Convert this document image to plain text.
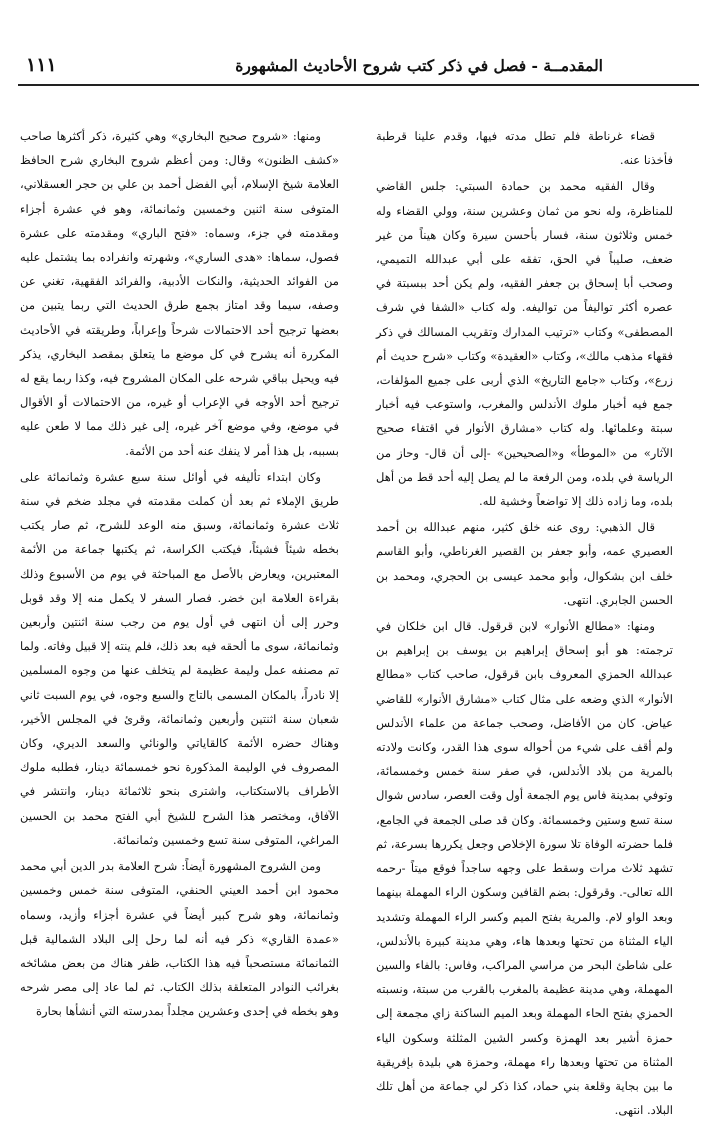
المقدمــة - فصل في ذكر كتب شروح الأحاديث المشهورة
١١١

قضاء غرناطة فلم تطل مدته فيها، وقدم علينا قرطبة فأخذنا عنه.

وقال الفقيه محمد بن حمادة السبتي: جلس القاضي للمناظرة، وله نحو من ثمان وعشرين سنة، وولي القضاء وله خمس وثلاثون سنة، فسار بأحسن سيرة وكان هيناً من غير ضعف، صليباً في الحق، تفقه على أبي عبدالله التميمي، وصحب أبا إسحاق بن جعفر الفقيه، ولم يكن أحد ببسبتة في عصره أكثر تواليفاً من تواليفه. وله كتاب «الشفا في شرف المصطفى» وكتاب «ترتيب المدارك وتقريب المسالك في ذكر فقهاء مذهب مالك»، وكتاب «العقيدة» وكتاب «شرح حديث أم زرع»، وكتاب «جامع التاريخ» الذي أربى على جميع المؤلفات، جمع فيه أخبار ملوك الأندلس والمغرب، واستوعب فيه أخبار سبتة وعلمائها. وله كتاب «مشارق الأنوار في اقتفاء صحيح الآثار» من «الموطأ» و«الصحيحين» -إلى أن قال- وحاز من الرياسة في بلده، ومن الرفعة ما لم يصل إليه أحد قط من أهل بلده، وما زاده ذلك إلا تواضعاً وخشية لله.

قال الذهبي: روى عنه خلق كثير، منهم عبدالله بن أحمد العصيري عمه، وأبو جعفر بن القصير الغرناطي، وأبو القاسم خلف ابن بشكوال، وأبو محمد عيسى بن الحجري، ومحمد بن الحسن الجابري. انتهى.

ومنها: «مطالع الأنوار» لابن قرقول. قال ابن خلكان في ترجمته: هو أبو إسحاق إبراهيم بن يوسف بن إبراهيم بن عبدالله الحمزي المعروف بابن قرقول، صاحب كتاب «مطالع الأنوار» الذي وضعه على مثال كتاب «مشارق الأنوار» للقاضي عياض. كان من الأفاضل، وصحب جماعة من علماء الأندلس ولم أقف على شيء من أحواله سوى هذا القدر، وكانت ولادته بالمرية من بلاد الأندلس، في صفر سنة خمس وخمسمائة، وتوفي بمدينة فاس يوم الجمعة أول وقت العصر، سادس شوال سنة تسع وستين وخمسمائة. وكان قد صلى الجمعة في الجامع، فلما حضرته الوفاة تلا سورة الإخلاص وجعل يكررها بسرعة، ثم تشهد ثلاث مرات وسقط على وجهه ساجداً فوقع ميتاً -رحمه الله تعالى-. وقرقول: بضم القافين وسكون الراء المهملة بينهما وبعد الواو لام. والمرية بفتح الميم وكسر الراء المهملة وتشديد الياء المثناة من تحتها وبعدها هاء، وهي مدينة كبيرة بالأندلس، على شاطئ البحر من مراسي المراكب، وفاس: بالفاء والسين المهملة، وهي مدينة عظيمة بالمغرب بالقرب من سبتة، ونسبته الحمزي بفتح الحاء المهملة وبعد الميم الساكنة زاي مجمعة إلى حمزة أشير بعد الهمزة وكسر الشين المثلثة وسكون الياء المثناة من تحتها وبعدها راء مهملة، وحمزة هي بليدة بإفريقية ما بين بجاية وقلعة بني حماد، كذا ذكر لي جماعة من أهل تلك البلاد. انتهى.

ومنها: «شروح صحيح البخاري» وهي كثيرة، ذكر أكثرها صاحب «كشف الظنون» وقال: ومن أعظم شروح البخاري شرح الحافظ العلامة شيخ الإسلام، أبي الفضل أحمد بن علي بن حجر العسقلاني، المتوفى سنة اثنين وخمسين وثمانمائة، وهو في عشرة أجزاء ومقدمته في جزء، وسماه: «فتح الباري» ومقدمته على عشرة فصول، سماها: «هدى الساري»، وشهرته وانفراده بما يشتمل عليه من الفوائد الحديثية، والنكات الأدبية، والفرائد الفقهية، تغني عن وصفه، سيما وقد امتاز بجمع طرق الحديث التي ربما يتبين من بعضها ترجيح أحد الاحتمالات شرحاً وإعراباً، وطريقته في الأحاديث المكررة أنه يشرح في كل موضع ما يتعلق بمقصد البخاري، يذكر فيه ويحيل بباقي شرحه على المكان المشروح فيه، وكذا ربما يقع له ترجيح أحد الأوجه في الإعراب أو غيره، من الاحتمالات أو الأقوال في موضع، وفي موضع آخر غيره، إلى غير ذلك مما لا طعن عليه بسببه، بل هذا أمر لا ينفك عنه أحد من الأئمة.

وكان ابتداء تأليفه في أوائل سنة سبع عشرة وثمانمائة على طريق الإملاء ثم بعد أن كملت مقدمته في مجلد ضخم في سنة ثلاث عشرة وثمانمائة، وسبق منه الوعد للشرح، ثم صار يكتب بخطه شيئاً فشيئاً، فيكتب الكراسة، ثم يكتبها جماعة من الأئمة المعتبرين، ويعارض بالأصل مع المباحثة في يوم من الأسبوع وذلك بقراءة العلامة ابن خضر. فصار السفر لا يكمل منه إلا وقد قوبل وحرر إلى أن انتهى في أول يوم من رجب سنة اثنتين وأربعين وثمانمائة، سوى ما ألحقه فيه بعد ذلك، فلم ينته إلا قبيل وفاته. ولما تم مصنفه عمل وليمة عظيمة لم يتخلف عنها من وجوه المسلمين إلا نادراً، بالمكان المسمى بالتاج والسبع وجوه، في يوم السبت ثاني شعبان سنة اثنتين وأربعين وثمانمائة، وقرئ في المجلس الأخير، وهناك حضره الأئمة كالقاياتي والونائي والسعد الديري، وكان المصروف في الوليمة المذكورة نحو خمسمائة دينار، فطلبه ملوك الأطراف بالاستكتاب، واشترى بنحو ثلاثمائة دينار، وانتشر في الآفاق، ومختصر هذا الشرح للشيخ أبي الفتح محمد بن الحسين المراغي، المتوفى سنة تسع وخمسين وثمانمائة.

ومن الشروح المشهورة أيضاً: شرح العلامة بدر الدين أبي محمد محمود ابن أحمد العيني الحنفي، المتوفى سنة خمس وخمسين وثمانمائة، وهو شرح كبير أيضاً في عشرة أجزاء وأزيد، وسماه «عمدة القاري» ذكر فيه أنه لما رحل إلى البلاد الشمالية قبل الثمانمائة مستصحباً فيه هذا الكتاب، ظفر هناك من بعض مشائخه بغرائب النوادر المتعلقة بذلك الكتاب. ثم لما عاد إلى مصر شرحه وهو بخطه في إحدى وعشرين مجلداً بمدرسته التي أنشأها بحارة
